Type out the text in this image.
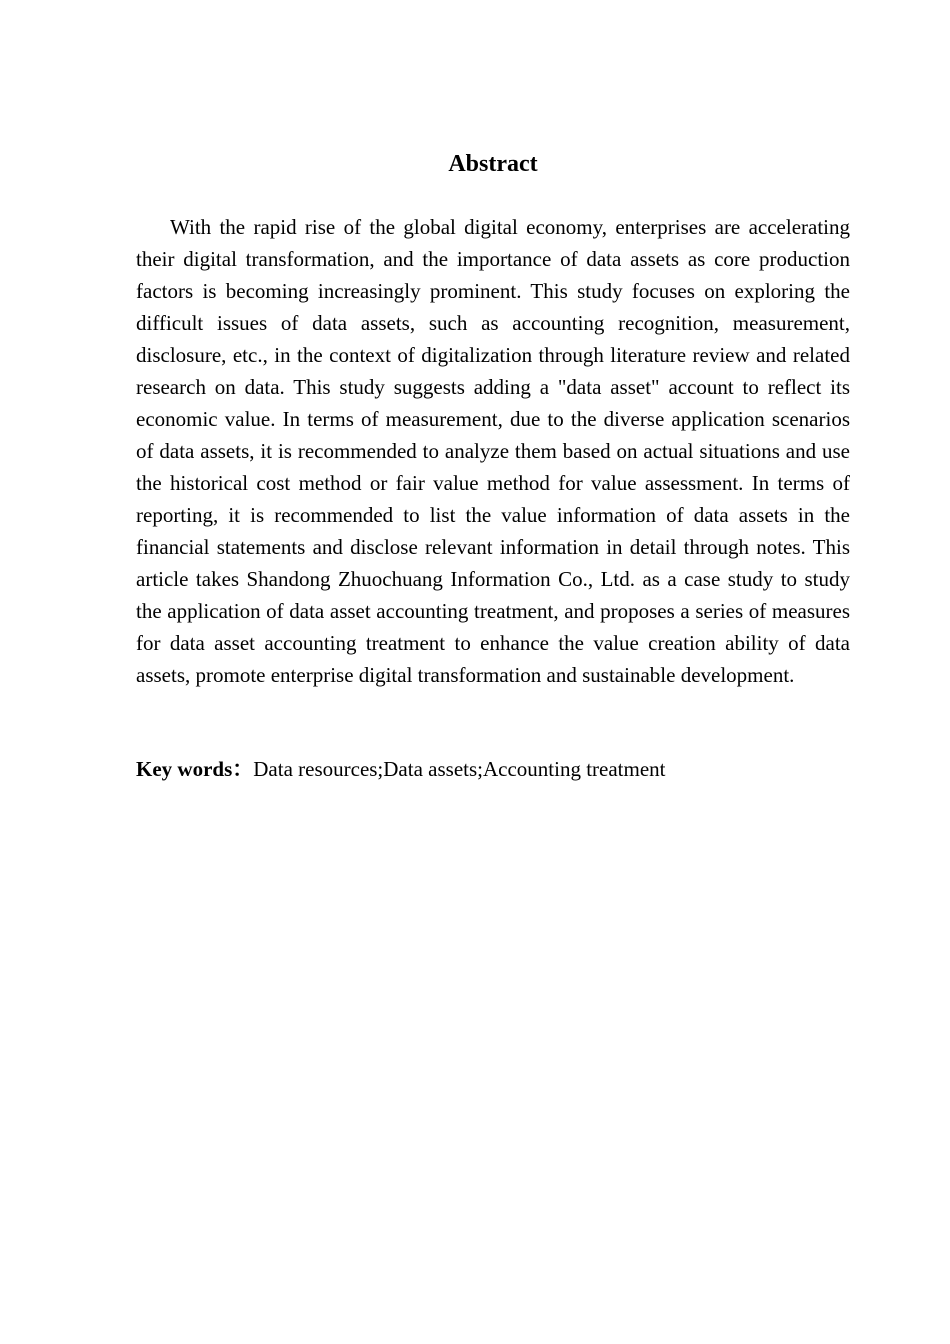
Abstract

With the rapid rise of the global digital economy, enterprises are accelerating their digital transformation, and the importance of data assets as core production factors is becoming increasingly prominent. This study focuses on exploring the difficult issues of data assets, such as accounting recognition, measurement, disclosure, etc., in the context of digitalization through literature review and related research on data. This study suggests adding a "data asset" account to reflect its economic value. In terms of measurement, due to the diverse application scenarios of data assets, it is recommended to analyze them based on actual situations and use the historical cost method or fair value method for value assessment. In terms of reporting, it is recommended to list the value information of data assets in the financial statements and disclose relevant information in detail through notes. This article takes Shandong Zhuochuang Information Co., Ltd. as a case study to study the application of data asset accounting treatment, and proposes a series of measures for data asset accounting treatment to enhance the value creation ability of data assets, promote enterprise digital transformation and sustainable development.

Key words：Data resources;Data assets;Accounting treatment
